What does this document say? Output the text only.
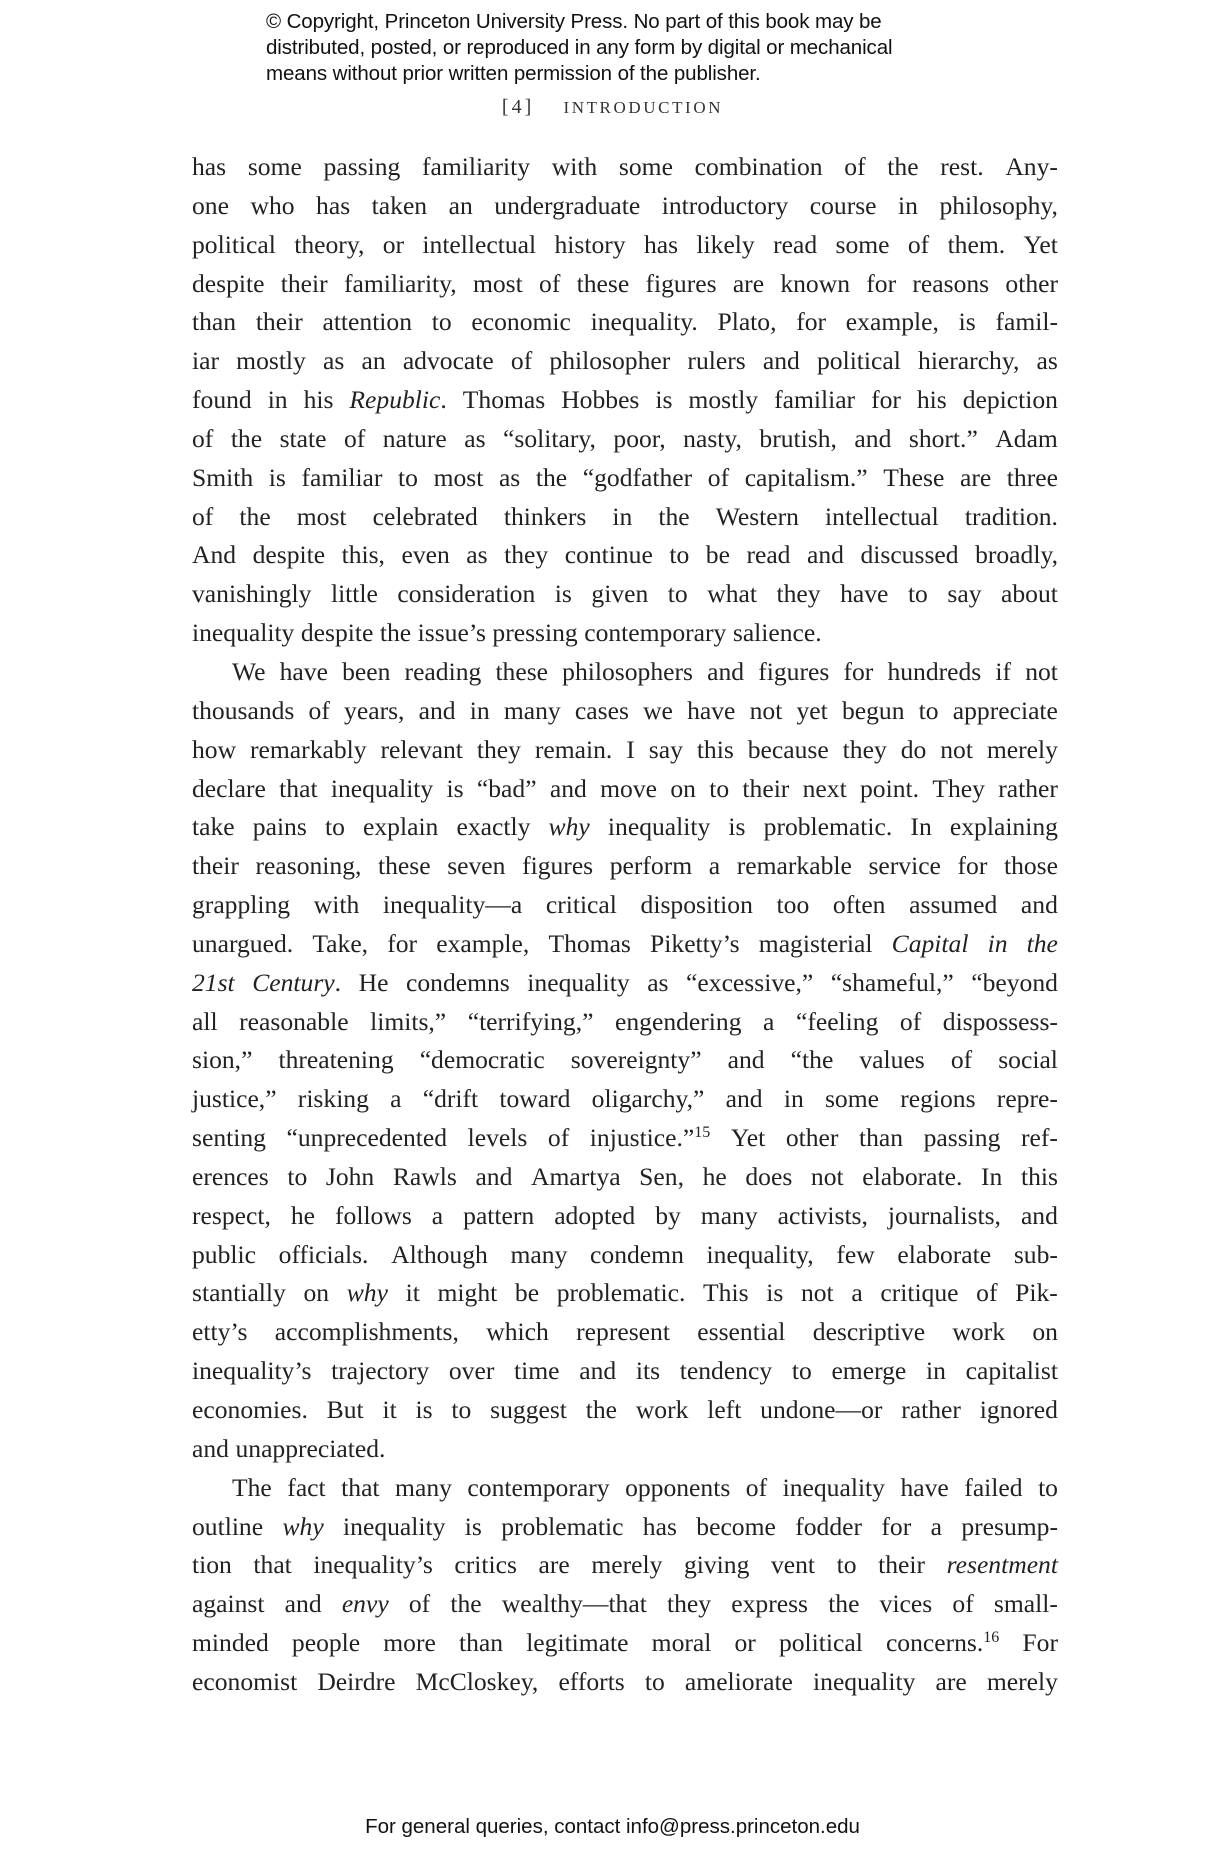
© Copyright, Princeton University Press. No part of this book may be
distributed, posted, or reproduced in any form by digital or mechanical
means without prior written permission of the publisher.
[4] INTRODUCTION
has some passing familiarity with some combination of the rest. Any-
one who has taken an undergraduate introductory course in philosophy,
political theory, or intellectual history has likely read some of them. Yet
despite their familiarity, most of these figures are known for reasons other
than their attention to economic inequality. Plato, for example, is famil-
iar mostly as an advocate of philosopher rulers and political hierarchy, as
found in his Republic. Thomas Hobbes is mostly familiar for his depiction
of the state of nature as “solitary, poor, nasty, brutish, and short.” Adam
Smith is familiar to most as the “godfather of capitalism.” These are three
of the most celebrated thinkers in the Western intellectual tradition.
And despite this, even as they continue to be read and discussed broadly,
vanishingly little consideration is given to what they have to say about
inequality despite the issue’s pressing contemporary salience.
We have been reading these philosophers and figures for hundreds if not
thousands of years, and in many cases we have not yet begun to appreciate
how remarkably relevant they remain. I say this because they do not merely
declare that inequality is “bad” and move on to their next point. They rather
take pains to explain exactly why inequality is problematic. In explaining
their reasoning, these seven figures perform a remarkable service for those
grappling with inequality—a critical disposition too often assumed and
unargued. Take, for example, Thomas Piketty’s magisterial Capital in the
21st Century. He condemns inequality as “excessive,” “shameful,” “beyond
all reasonable limits,” “terrifying,” engendering a “feeling of dispossess-
sion,” threatening “democratic sovereignty” and “the values of social
justice,” risking a “drift toward oligarchy,” and in some regions repre-
senting “unprecedented levels of injustice.”$^{15}$ Yet other than passing ref-
erences to John Rawls and Amartya Sen, he does not elaborate. In this
respect, he follows a pattern adopted by many activists, journalists, and
public officials. Although many condemn inequality, few elaborate sub-
stantially on why it might be problematic. This is not a critique of Pik-
etty’s accomplishments, which represent essential descriptive work on
inequality’s trajectory over time and its tendency to emerge in capitalist
economies. But it is to suggest the work left undone—or rather ignored
and unappreciated.
The fact that many contemporary opponents of inequality have failed to
outline why inequality is problematic has become fodder for a presump-
tion that inequality’s critics are merely giving vent to their resentment
against and envy of the wealthy—that they express the vices of small-
minded people more than legitimate moral or political concerns.$^{16}$ For
economist Deirdre McCloskey, efforts to ameliorate inequality are merely
For general queries, contact info@press.princeton.edu
